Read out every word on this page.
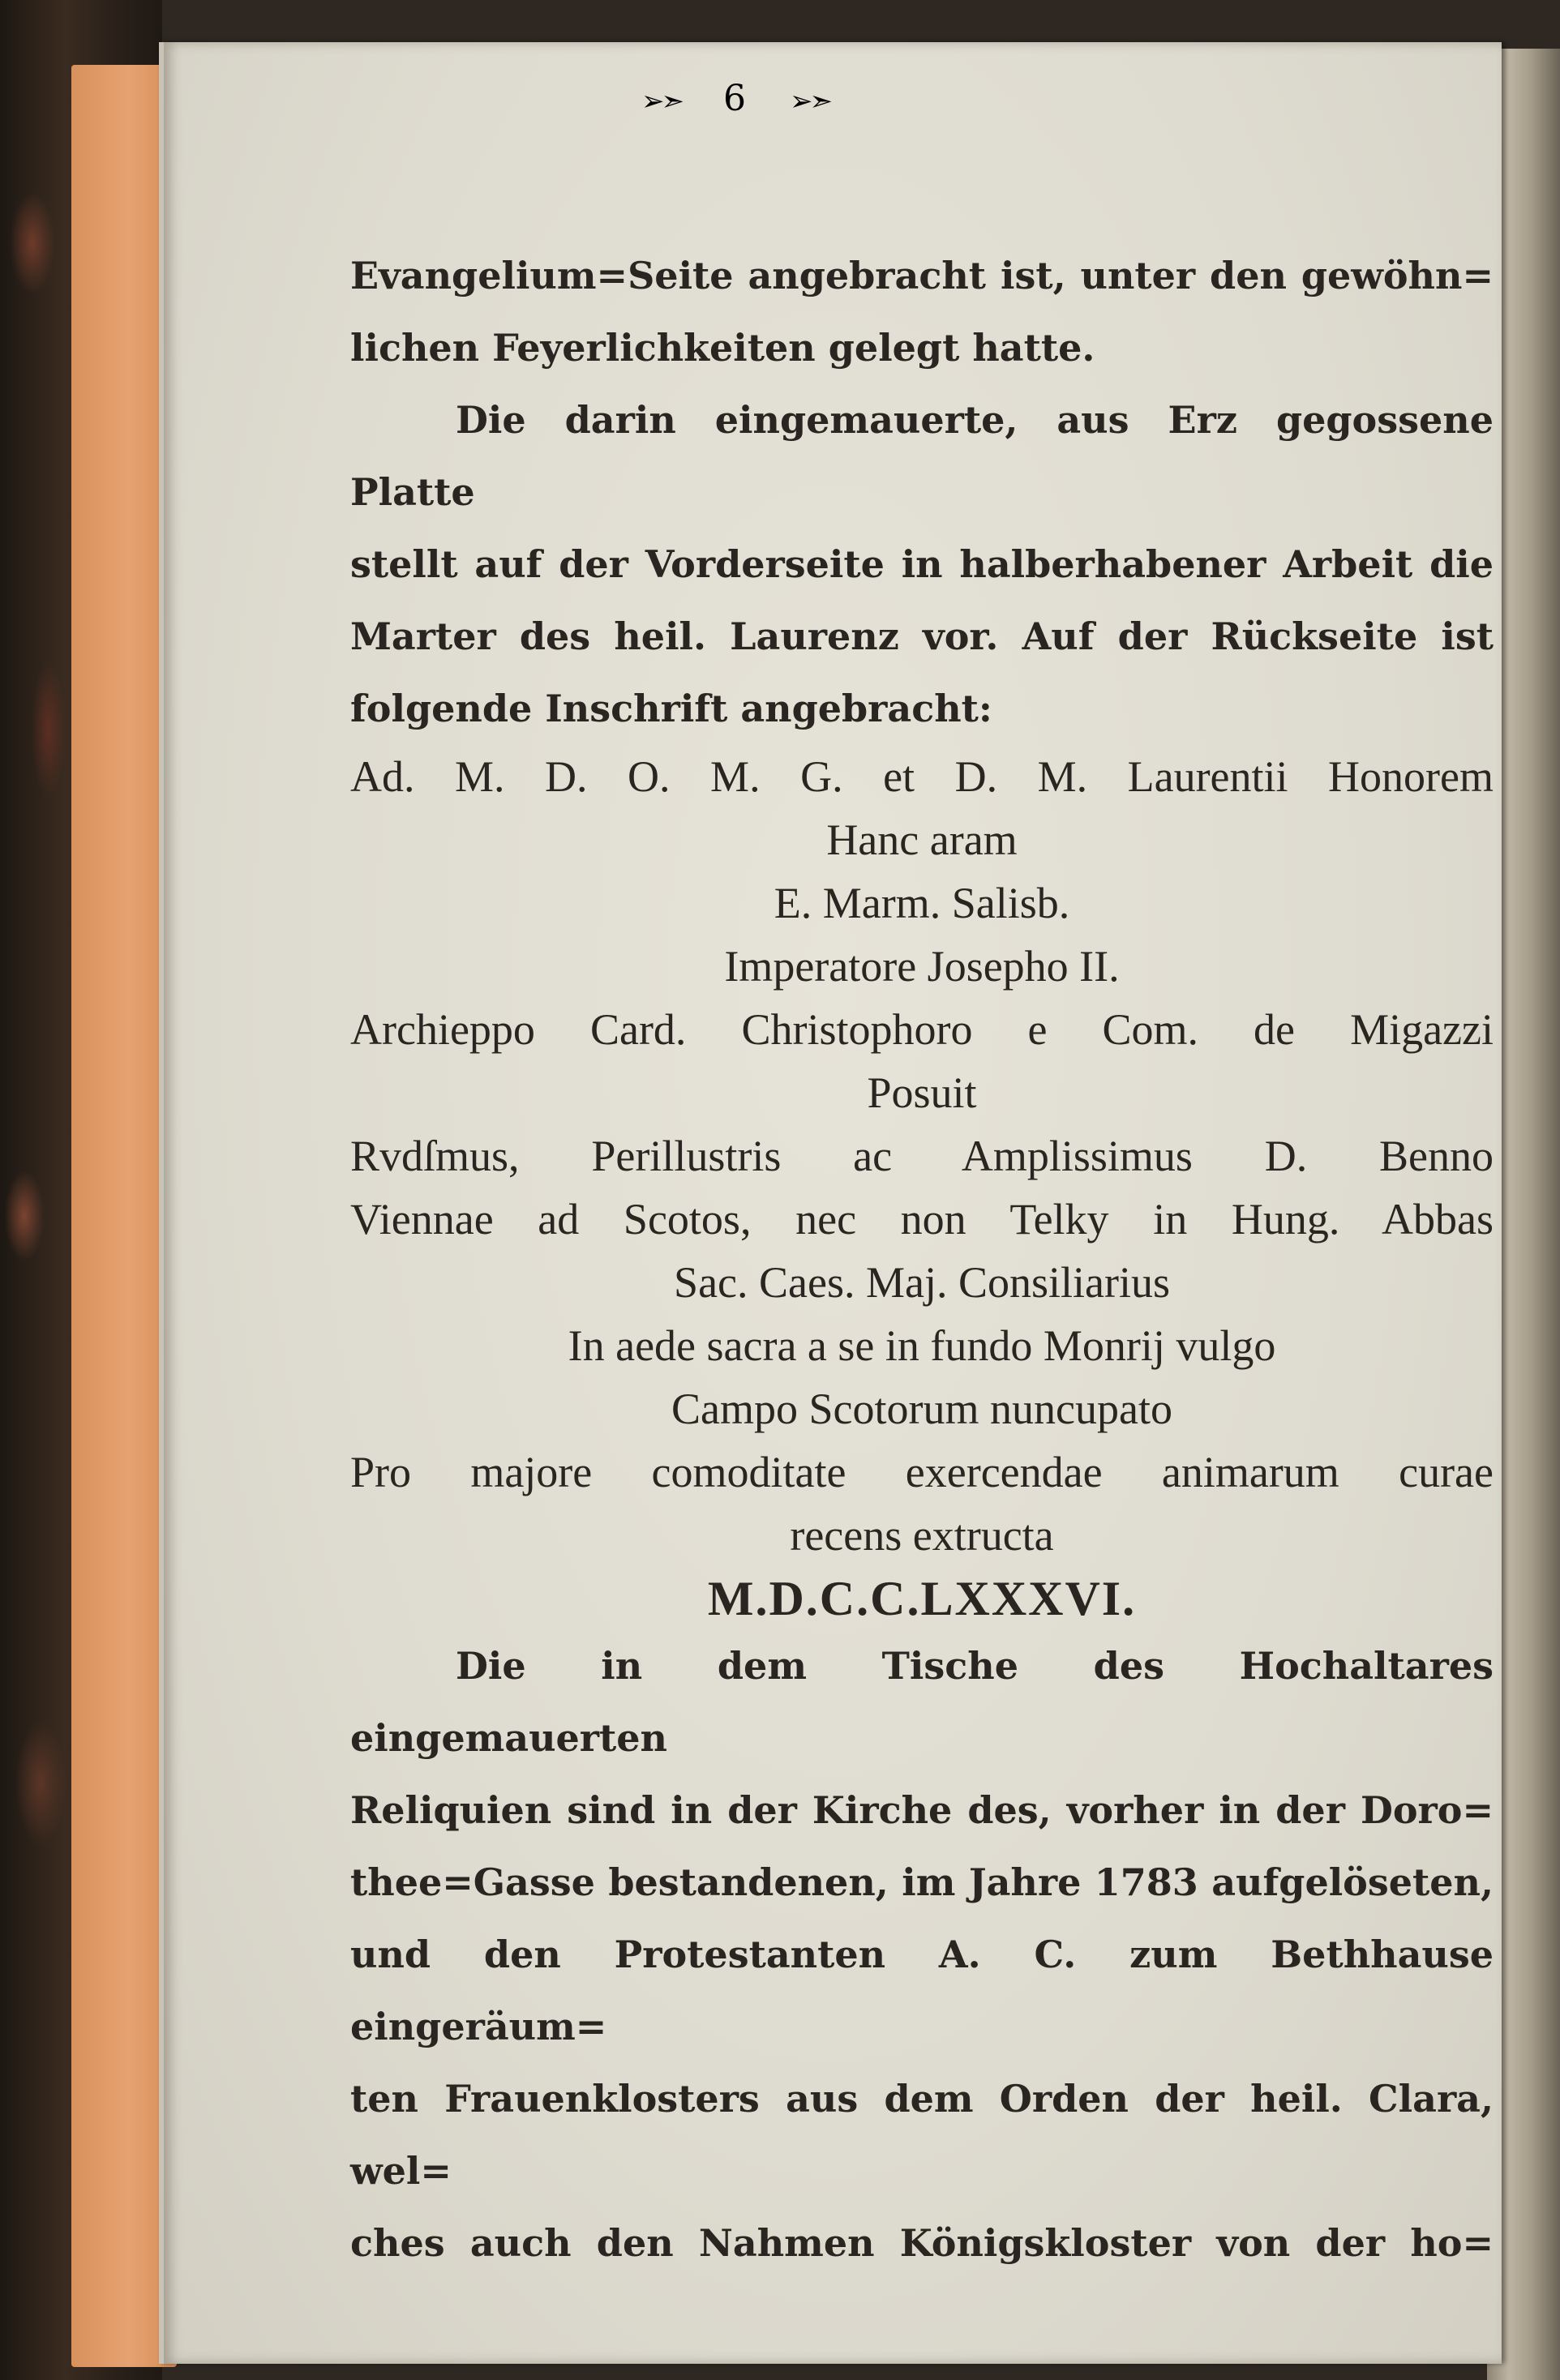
➢➣ 6 ➢➣
Evangelium=Seite angebracht ist, unter den gewöhn=
lichen Feyerlichkeiten gelegt hatte.
Die darin eingemauerte, aus Erz gegossene Platte
stellt auf der Vorderseite in halberhabener Arbeit die
Marter des heil. Laurenz vor. Auf der Rückseite ist
folgende Inschrift angebracht:
Ad. M. D. O. M. G. et D. M. Laurentii Honorem
Hanc aram
E. Marm. Salisb.
Imperatore Josepho II.
Archieppo Card. Christophoro e Com. de Migazzi
Posuit
Rvdſmus, Perillustris ac Amplissimus D. Benno
Viennae ad Scotos, nec non Telky in Hung. Abbas
Sac. Caes. Maj. Consiliarius
In aede sacra a se in fundo Monrij vulgo
Campo Scotorum nuncupato
Pro majore comoditate exercendae animarum curae
recens extructa
M.D.C.C.LXXXVI.
Die in dem Tische des Hochaltares eingemauerten
Reliquien sind in der Kirche des, vorher in der Doro=
thee=Gasse bestandenen, im Jahre 1783 aufgelöseten,
und den Protestanten A. C. zum Bethhause eingeräum=
ten Frauenklosters aus dem Orden der heil. Clara, wel=
ches auch den Nahmen Königskloster von der ho=
